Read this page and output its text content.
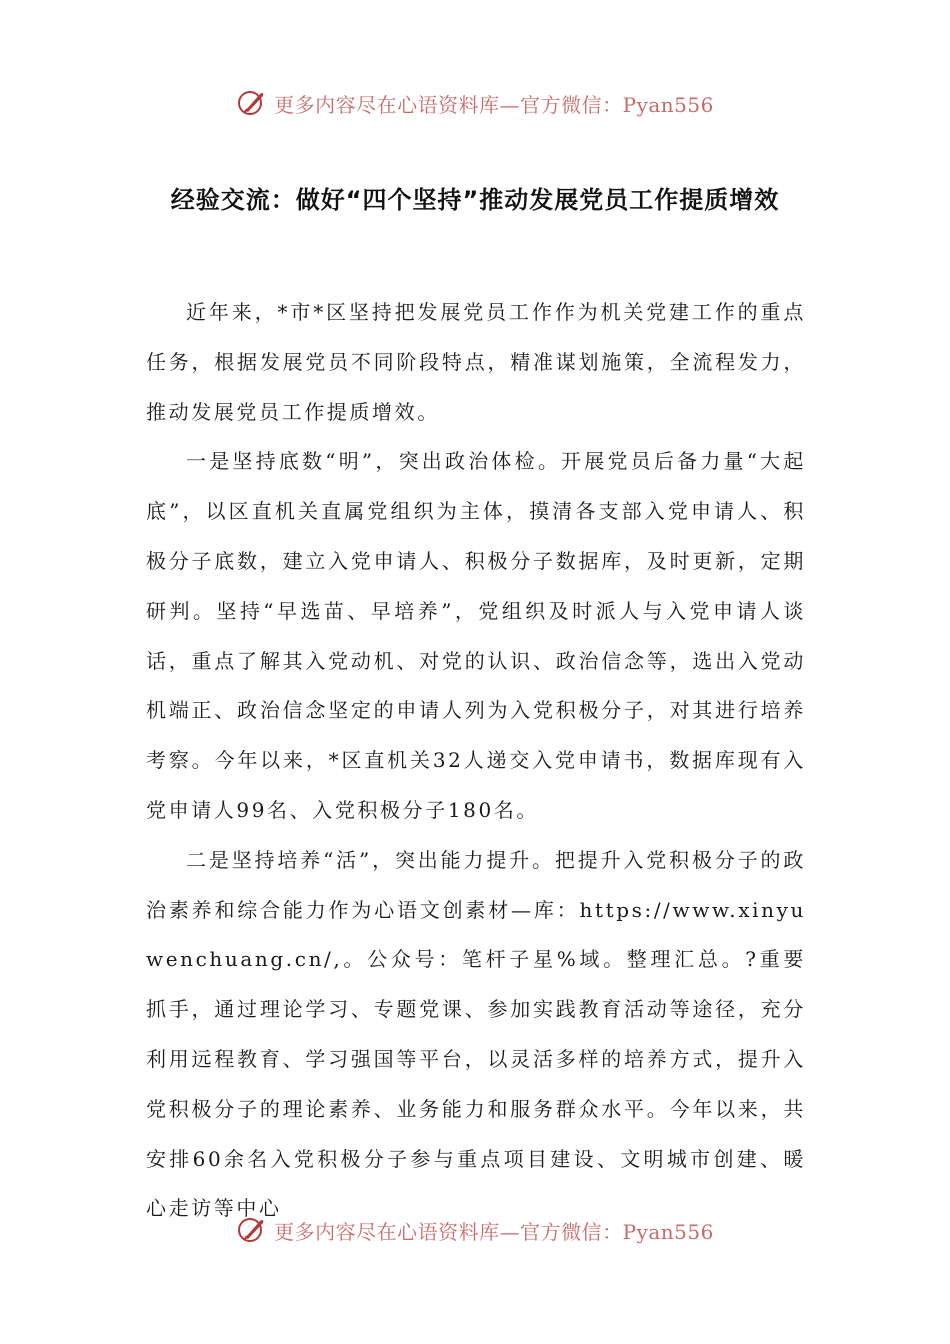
更多内容尽在心语资料库—官方微信：Pyan556
经验交流：做好“四个坚持”推动发展党员工作提质增效

近年来，*市*区坚持把发展党员工作作为机关党建工作的重点任务，根据发展党员不同阶段特点，精准谋划施策，全流程发力，推动发展党员工作提质增效。

一是坚持底数“明”，突出政治体检。开展党员后备力量“大起底”，以区直机关直属党组织为主体，摸清各支部入党申请人、积极分子底数，建立入党申请人、积极分子数据库，及时更新，定期研判。坚持“早选苗、早培养”，党组织及时派人与入党申请人谈话，重点了解其入党动机、对党的认识、政治信念等，选出入党动机端正、政治信念坚定的申请人列为入党积极分子，对其进行培养考察。今年以来，*区直机关32人递交入党申请书，数据库现有入党申请人99名、入党积极分子180名。

二是坚持培养“活”，突出能力提升。把提升入党积极分子的政治素养和综合能力作为心语文创素材—库：https://www.xinyuwenchuang.cn/,。公众号：笔杆子星%域。整理汇总。?重要抓手，通过理论学习、专题党课、参加实践教育活动等途径，充分利用远程教育、学习强国等平台，以灵活多样的培养方式，提升入党积极分子的理论素养、业务能力和服务群众水平。今年以来，共安排60余名入党积极分子参与重点项目建设、文明城市创建、暖心走访等中心

更多内容尽在心语资料库—官方微信：Pyan556
